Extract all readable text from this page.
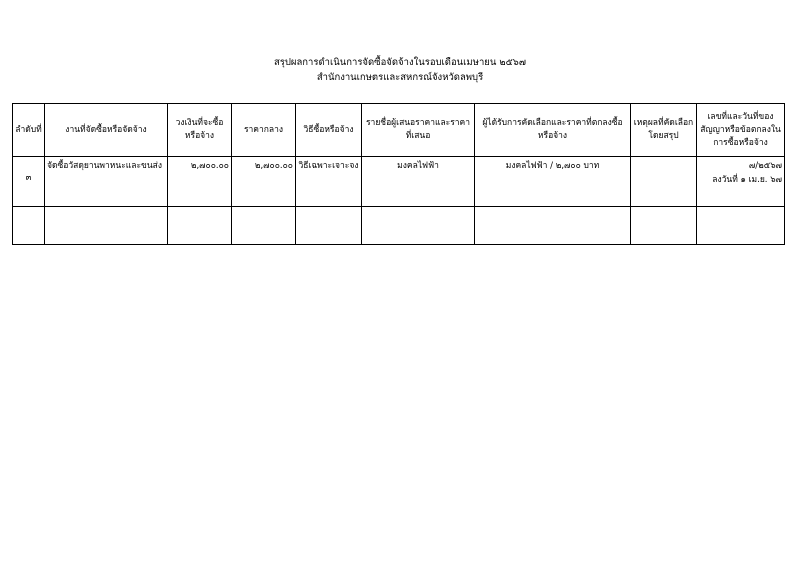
สรุปผลการดำเนินการจัดซื้อจัดจ้างในรอบเดือนเมษายน ๒๕๖๗
สำนักงานเกษตรและสหกรณ์จังหวัดลพบุรี
ลำดับที่	งานที่จัดซื้อหรือจัดจ้าง	วงเงินที่จะซื้อหรือจ้าง	ราคากลาง	วิธีซื้อหรือจ้าง	รายชื่อผู้เสนอราคาและราคาที่เสนอ	ผู้ได้รับการคัดเลือกและราคาที่ตกลงซื้อหรือจ้าง	เหตุผลที่คัดเลือก โดยสรุป	เลขที่และวันที่ของสัญญาหรือข้อตกลงในการซื้อหรือจ้าง
๓	จัดซื้อวัสดุยานพาหนะและขนส่ง	๒,๗๐๐.๐๐	๒,๗๐๐.๐๐	วิธีเฉพาะเจาะจง	มงคลไฟฟ้า	มงคลไฟฟ้า / ๒,๗๐๐ บาท		๗/๒๕๖๗
ลงวันที่ ๑ เม.ย. ๖๗
